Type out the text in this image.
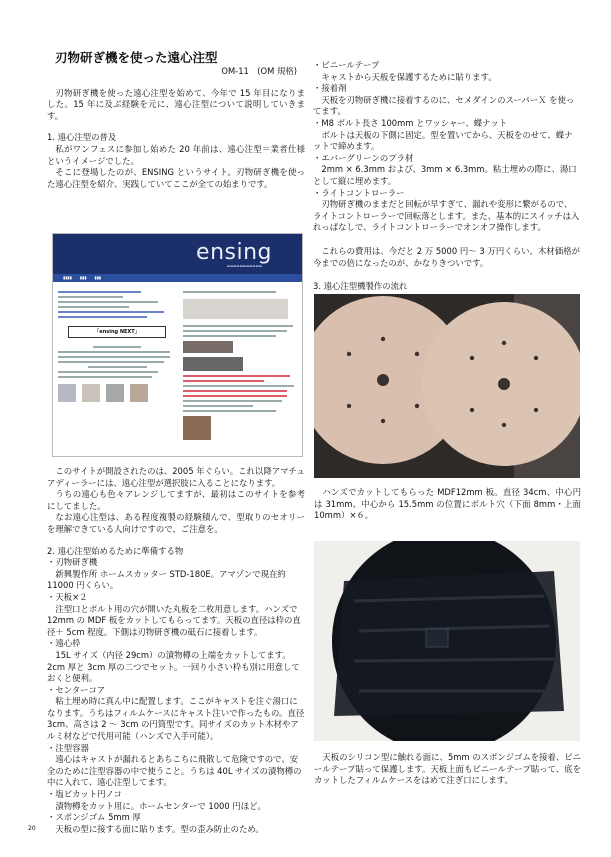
刃物研ぎ機を使った遠心注型
OM-11　(OM 規格)

刃物研ぎ機を使った遠心注型を始めて、今年で 15 年目になりました。15 年に及ぶ経験を元に、遠心注型について説明していきます。

1. 遠心注型の普及

私がワンフェスに参加し始めた 20 年前は、遠心注型＝業者仕様というイメージでした。

そこに登場したのが、ENSING というサイト。刃物研ぎ機を使った遠心注型を紹介、実践していてここが全ての始まりです。

ensing
▬▬▬▬▬▬▬▬▬▬▬
▮▮▮▮　　▮▮▮　　▮▮▮
「ensing NEXT」

このサイトが開設されたのは、2005 年ぐらい。これ以降アマチュアディーラーには、遠心注型が選択肢に入ることになります。

うちの遠心も色々アレンジしてますが、最初はこのサイトを参考にしてました。

なお遠心注型は、ある程度複製の経験積んで、型取りのセオリーを理解できている人向けですので、ご注意を。

2. 遠心注型始めるために準備する物
・刃物研ぎ機
新興製作所 ホームスカッター STD-180E。アマゾンで現在約 11000 円くらい。
・天板×２
注型口とボルト用の穴が開いた丸板を二枚用意します。ハンズで 12mm の MDF 板をカットしてもらってます。天板の直径は枠の直径＋ 5cm 程度。下側は刃物研ぎ機の砥石に接着します。
・遠心枠
15L サイズ（内径 29cm）の漬物樽の上端をカットしてます。2cm 厚と 3cm 厚の二つでセット。一回り小さい枠も別に用意しておくと便利。
・センターコア
粘土埋め時に真ん中に配置します。ここがキャストを注ぐ湯口になります。うちはフィルムケースにキャスト注いで作ったもの。直径 3cm、高さは 2 ～ 3cm の円筒型です。同サイズのカット木材やアルミ材などで代用可能（ハンズで入手可能）。
・注型容器
遠心はキャストが漏れるとあちこちに飛散して危険ですので、安全のために注型容器の中で使うこと。うちは 40L サイズの漬物樽の中に入れて、遠心注型してます。
・塩ビカット円ノコ
漬物樽をカット用に。ホームセンターで 1000 円ほど。
・スポンジゴム 5mm 厚
天板の型に接する面に貼ります。型の歪み防止のため。
・ビニールテープ
キャストから天板を保護するために貼ります。
・接着剤
天板を刃物研ぎ機に接着するのに、セメダインのスーパーＸ を使ってます。
・M8 ボルト長さ 100mm とワッシャー、蝶ナット
ボルトは天板の下側に固定。型を置いてから、天板をのせて、蝶ナットで締めます。
・エバーグリーンのプラ材
2mm × 6.3mm および、3mm × 6.3mm。粘土埋めの際に、湯口として縦に埋めます。
・ライトコントローラー
刃物研ぎ機のままだと回転が早すぎて、漏れや変形に繋がるので、ライトコントローラーで回転落とします。また、基本的にスイッチは入れっぱなしで、ライトコントローラーでオンオフ操作します。

これらの費用は、今だと 2 万 5000 円～ 3 万円くらい。木材価格が今までの倍になったのが、かなりきついです。

3. 遠心注型機製作の流れ

ハンズでカットしてもらった MDF12mm 板。直径 34cm、中心円は 31mm、中心から 15.5mm の位置にボルト穴（下面 8mm・上面 10mm）×６。

天板のシリコン型に触れる面に、5mm のスポンジゴムを接着、ビニールテープ貼って保護します。天板上面もビニールテープ貼って、底をカットしたフィルムケースをはめて注ぎ口にします。

20
